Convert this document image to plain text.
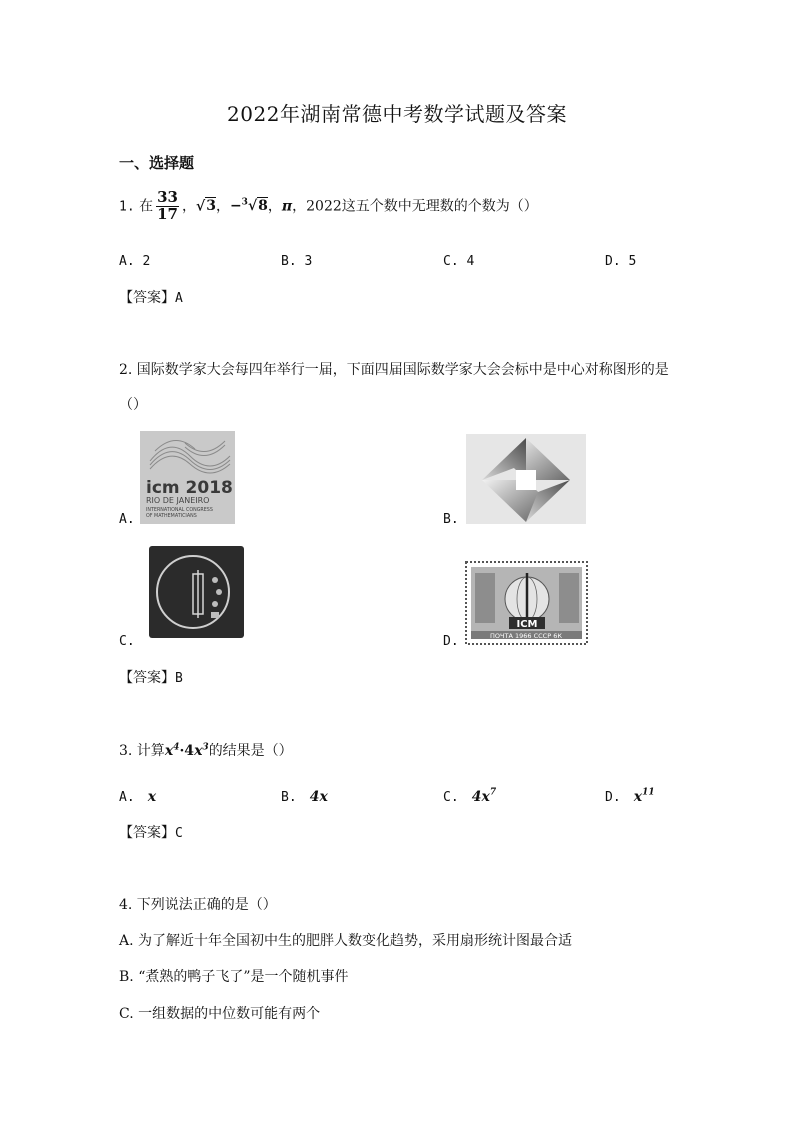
2022年湖南常德中考数学试题及答案
一、选择题
1. 在 $\frac{33}{17}$ ，√3，−$^3$√8，π，2022这五个数中无理数的个数为（）
A. 2	B. 3	C. 4	D. 5
【答案】A
2. 国际数学家大会每四年举行一届，下面四届国际数学家大会会标中是中心对称图形的是
（）
A.
icm 2018
RIO DE JANEIRO
INTERNATIONAL CONGRESS
OF MATHEMATICIANS	B.
C.	D.
ICM
ПОЧТА 1966 СССР 6К
【答案】B
3. 计算$x^4\cdot 4x^3$的结果是（）
A. x	B. 4x	C. $4x^7$	D. $x^{11}$
【答案】C
4. 下列说法正确的是（）
A. 为了解近十年全国初中生的肥胖人数变化趋势，采用扇形统计图最合适
B. “煮熟的鸭子飞了”是一个随机事件
C. 一组数据的中位数可能有两个
